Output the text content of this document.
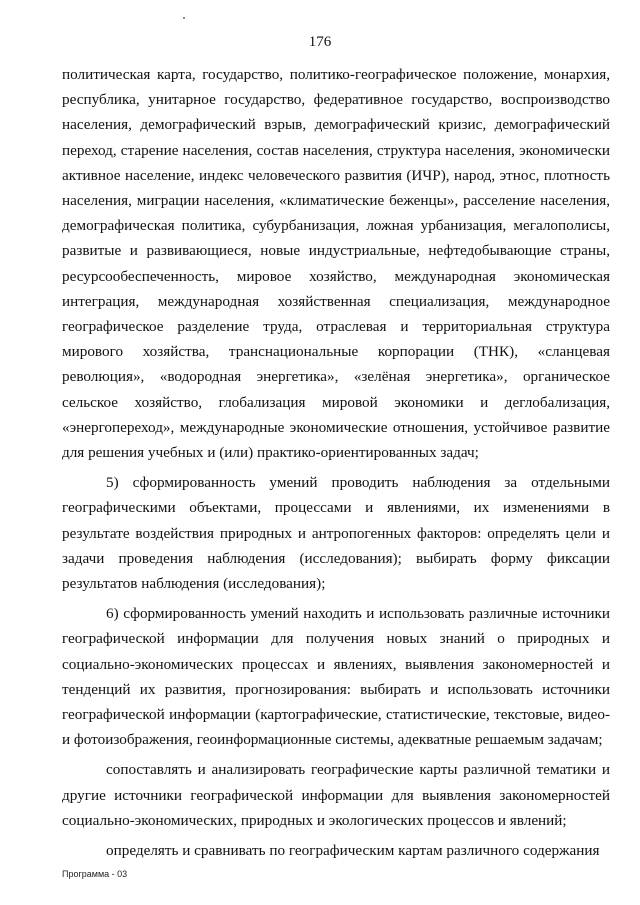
176

политическая карта, государство, политико-географическое положение, монархия, республика, унитарное государство, федеративное государство, воспроизводство населения, демографический взрыв, демографический кризис, демографический переход, старение населения, состав населения, структура населения, экономически активное население, индекс человеческого развития (ИЧР), народ, этнос, плотность населения, миграции населения, «климатические беженцы», расселение населения, демографическая политика, субурбанизация, ложная урбанизация, мегалополисы, развитые и развивающиеся, новые индустриальные, нефтедобывающие страны, ресурсообеспеченность, мировое хозяйство, международная экономическая интеграция, международная хозяйственная специализация, международное географическое разделение труда, отраслевая и территориальная структура мирового хозяйства, транснациональные корпорации (ТНК), «сланцевая революция», «водородная энергетика», «зелёная энергетика», органическое сельское хозяйство, глобализация мировой экономики и деглобализация, «энергопереход», международные экономические отношения, устойчивое развитие для решения учебных и (или) практико-ориентированных задач;

5) сформированность умений проводить наблюдения за отдельными географическими объектами, процессами и явлениями, их изменениями в результате воздействия природных и антропогенных факторов: определять цели и задачи проведения наблюдения (исследования); выбирать форму фиксации результатов наблюдения (исследования);

6) сформированность умений находить и использовать различные источники географической информации для получения новых знаний о природных и социально-экономических процессах и явлениях, выявления закономерностей и тенденций их развития, прогнозирования: выбирать и использовать источники географической информации (картографические, статистические, текстовые, видео- и фотоизображения, геоинформационные системы, адекватные решаемым задачам;

сопоставлять и анализировать географические карты различной тематики и другие источники географической информации для выявления закономерностей социально-экономических, природных и экологических процессов и явлений;

определять и сравнивать по географическим картам различного содержания

Программа - 03
